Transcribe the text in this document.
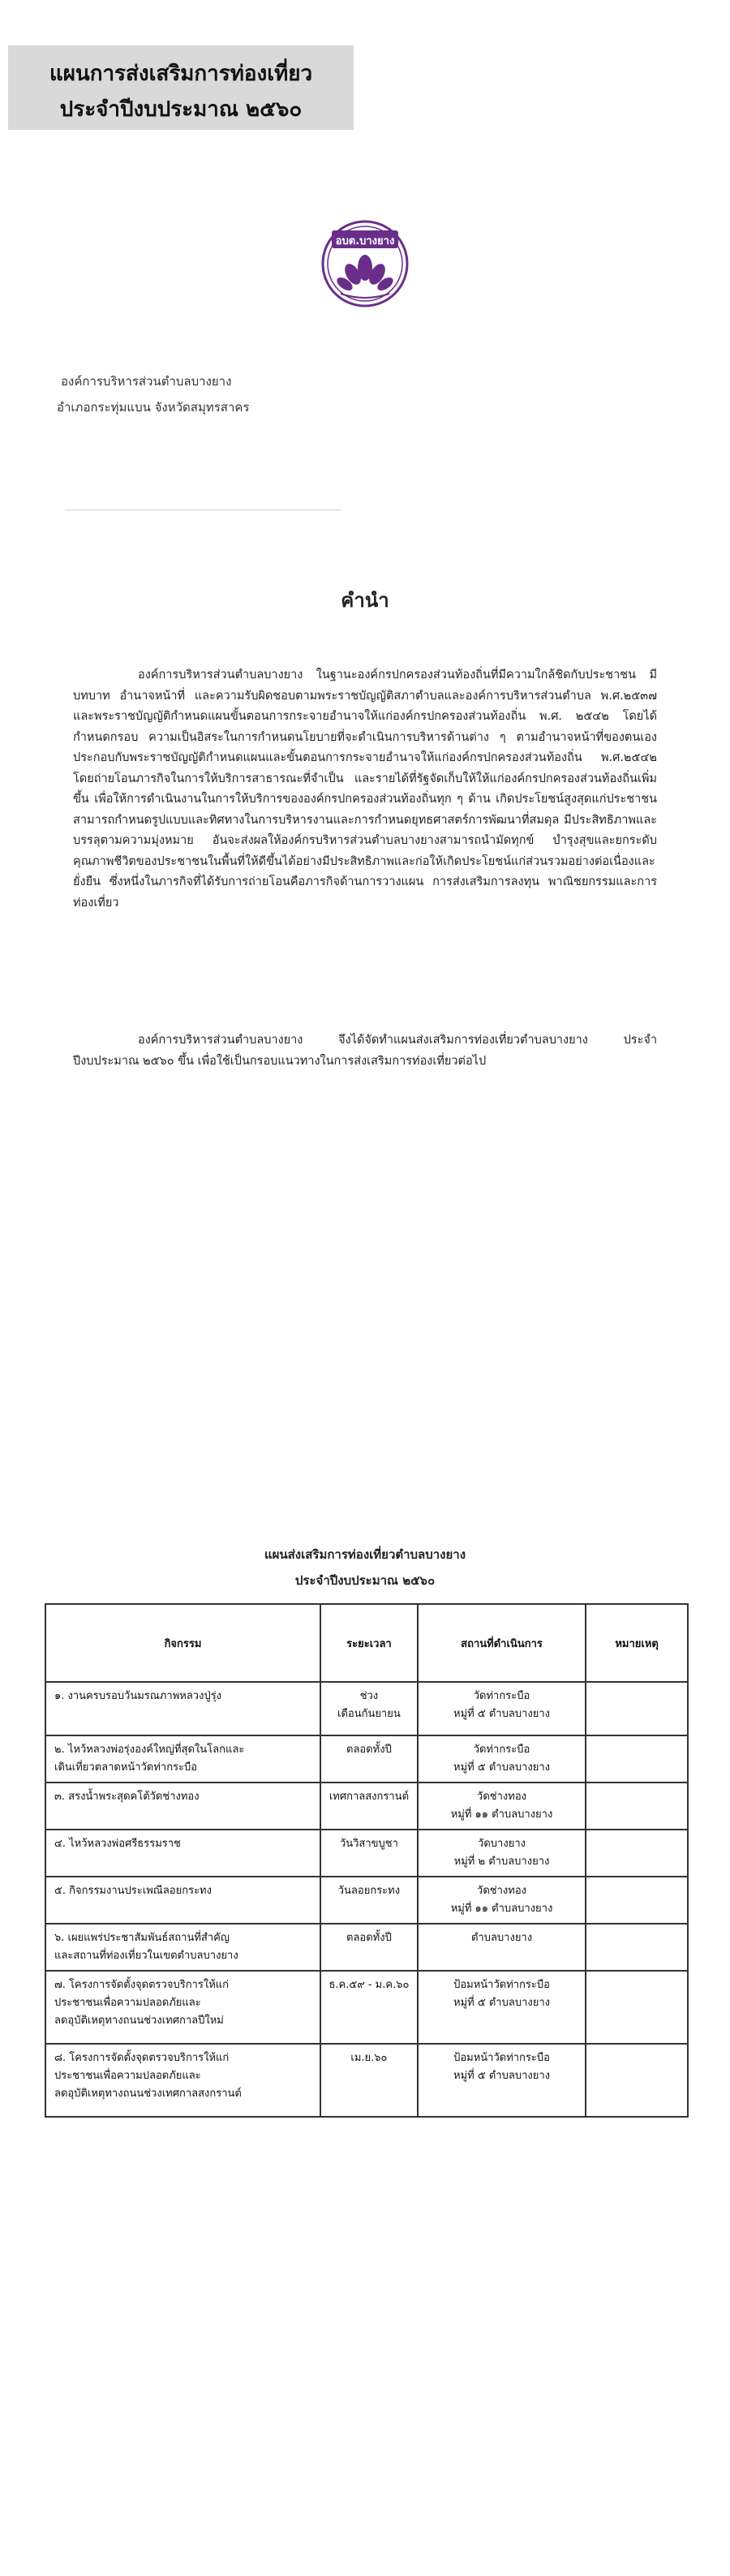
แผนการส่งเสริมการท่องเที่ยว
ประจำปีงบประมาณ ๒๕๖๐
อบต.บางยาง
องค์การบริหารส่วนตำบลบางยาง
อำเภอกระทุ่มแบน จังหวัดสมุทรสาคร
คำนำ

องค์การบริหารส่วนตำบลบางยาง ในฐานะองค์กรปกครองส่วนท้องถิ่นที่มีความใกล้ชิดกับประชาชน มีบทบาท อำนาจหน้าที่ และความรับผิดชอบตามพระราชบัญญัติสภาตำบลและองค์การบริหารส่วนตำบล พ.ศ.๒๕๓๗ และพระราชบัญญัติกำหนดแผนขั้นตอนการกระจายอำนาจให้แก่องค์กรปกครองส่วนท้องถิ่น พ.ศ. ๒๕๔๒ โดยได้กำหนดกรอบ ความเป็นอิสระในการกำหนดนโยบายที่จะดำเนินการบริหารด้านต่าง ๆ ตามอำนาจหน้าที่ของตนเองประกอบกับพระราชบัญญัติกำหนดแผนและขั้นตอนการกระจายอำนาจให้แก่องค์กรปกครองส่วนท้องถิ่น พ.ศ.๒๕๔๒ โดยถ่ายโอนภารกิจในการให้บริการสาธารณะที่จำเป็น และรายได้ที่รัฐจัดเก็บให้ให้แก่องค์กรปกครองส่วนท้องถิ่นเพิ่มขึ้น เพื่อให้การดำเนินงานในการให้บริการขององค์กรปกครองส่วนท้องถิ่นทุก ๆ ด้าน เกิดประโยชน์สูงสุดแก่ประชาชน สามารถกำหนดรูปแบบและทิศทางในการบริหารงานและการกำหนดยุทธศาสตร์การพัฒนาที่สมดุล มีประสิทธิภาพและบรรลุตามความมุ่งหมาย อันจะส่งผลให้องค์กรบริหารส่วนตำบลบางยางสามารถนำมัดทุกข์ บำรุงสุขและยกระดับคุณภาพชีวิตของประชาชนในพื้นที่ให้ดีขึ้นได้อย่างมีประสิทธิภาพและก่อให้เกิดประโยชน์แก่ส่วนรวมอย่างต่อเนื่องและยั่งยืน ซึ่งหนึ่งในภารกิจที่ได้รับการถ่ายโอนคือภารกิจด้านการวางแผน การส่งเสริมการลงทุน พาณิชยกรรมและการท่องเที่ยว

องค์การบริหารส่วนตำบลบางยาง จึงได้จัดทำแผนส่งเสริมการท่องเที่ยวตำบลบางยาง ประจำปีงบประมาณ ๒๕๖๐ ขึ้น เพื่อใช้เป็นกรอบแนวทางในการส่งเสริมการท่องเที่ยวต่อไป

แผนส่งเสริมการท่องเที่ยวตำบลบางยาง
ประจำปีงบประมาณ ๒๕๖๐
กิจกรรม	ระยะเวลา	สถานที่ดำเนินการ	หมายเหตุ

๑. งานครบรอบวันมรณภาพหลวงปู่รุ่ง	ช่วง
เดือนกันยายน	วัดท่ากระบือ
หมู่ที่ ๕ ตำบลบางยาง	

๒. ไหว้หลวงพ่อรุ่งองค์ใหญ่ที่สุดในโลกและ
เดินเที่ยวตลาดหน้าวัดท่ากระบือ	ตลอดทั้งปี	วัดท่ากระบือ
หมู่ที่ ๕ ตำบลบางยาง	

๓. สรงน้ำพระสุดคโต้วัดช่างทอง	เทศกาลสงกรานต์	วัดช่างทอง
หมู่ที่ ๑๑ ตำบลบางยาง	

๔. ไหว้หลวงพ่อศรีธรรมราช	วันวิสาขบูชา	วัดบางยาง
หมู่ที่ ๒ ตำบลบางยาง	

๕. กิจกรรมงานประเพณีลอยกระทง	วันลอยกระทง	วัดช่างทอง
หมู่ที่ ๑๑ ตำบลบางยาง	

๖. เผยแพร่ประชาสัมพันธ์สถานที่สำคัญ
และสถานที่ท่องเที่ยวในเขตตำบลบางยาง	ตลอดทั้งปี	ตำบลบางยาง	

๗. โครงการจัดตั้งจุดตรวจบริการให้แก่
ประชาชนเพื่อความปลอดภัยและ
ลดอุบัติเหตุทางถนนช่วงเทศกาลปีใหม่	ธ.ค.๕๙ - ม.ค.๖๐	ป้อมหน้าวัดท่ากระบือ
หมู่ที่ ๕ ตำบลบางยาง	

๘. โครงการจัดตั้งจุดตรวจบริการให้แก่
ประชาชนเพื่อความปลอดภัยและ
ลดอุบัติเหตุทางถนนช่วงเทศกาลสงกรานต์	เม.ย.๖๐	ป้อมหน้าวัดท่ากระบือ
หมู่ที่ ๕ ตำบลบางยาง	
